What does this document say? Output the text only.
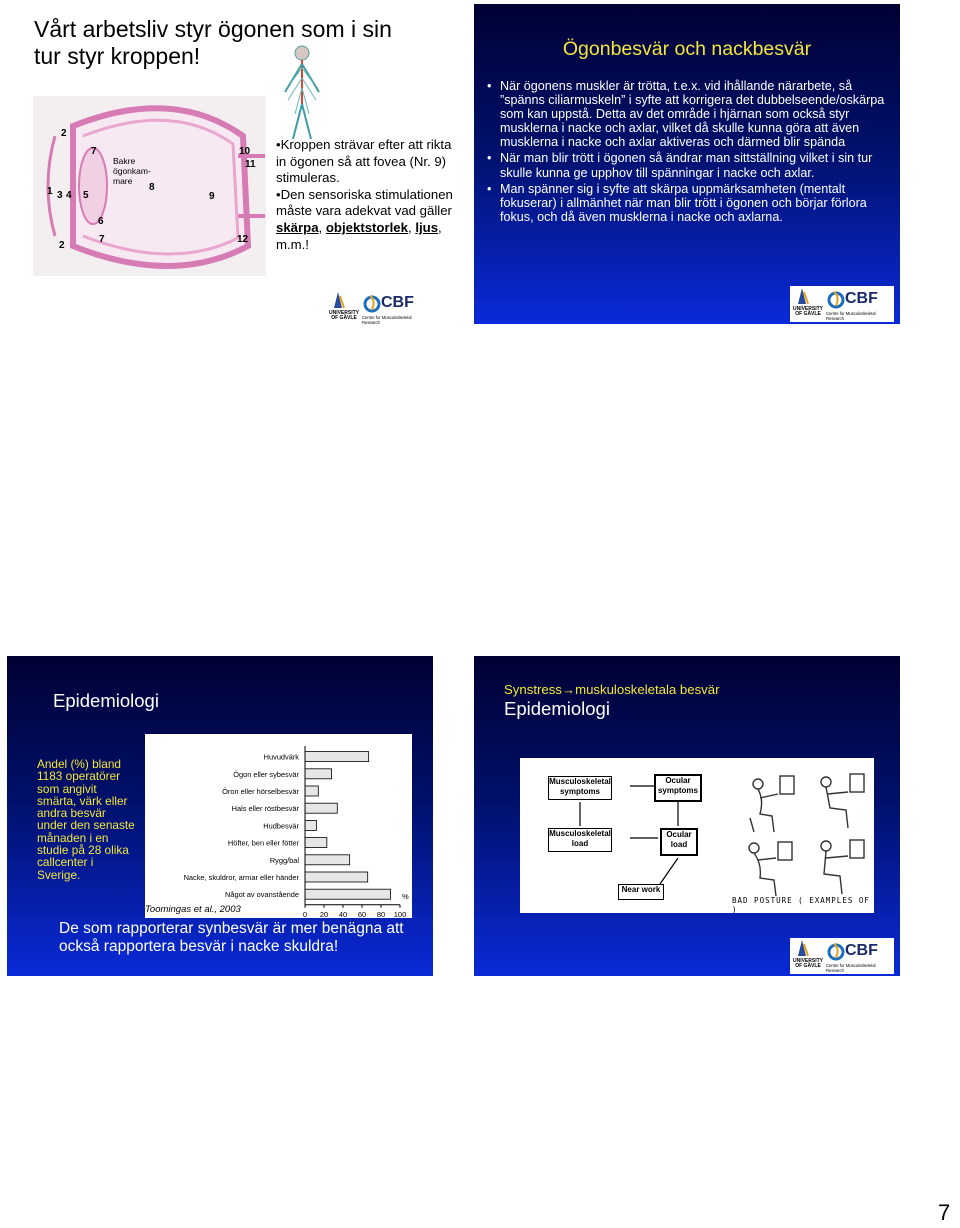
Vårt arbetsliv styr ögonen som i sin tur styr kroppen!
2
7
1 3 4 5
6
7
2
8
9
10
11
12
Bakre ögonkam-mare
•Kroppen strävar efter att rikta in ögonen så att fovea (Nr. 9) stimuleras.
•Den sensoriska stimulationen måste vara adekvat vad gäller skärpa, objektstorlek, ljus, m.m.!
UNIVERSITY OF GÄVLE
CBF
Centre for Musculoskeletal Research
Ögonbesvär och nackbesvär
• När ögonens muskler är trötta, t.e.x. vid ihållande närarbete, så ”spänns ciliarmuskeln” i syfte att korrigera det dubbelseende/oskärpa som kan uppstå. Detta av det område i hjärnan som också styr musklerna i nacke och axlar, vilket då skulle kunna göra att även musklerna i nacke och axlar aktiveras och därmed blir spända
• När man blir trött i ögonen så ändrar man sittställning vilket i sin tur skulle kunna ge upphov till spänningar i nacke och axlar.
• Man spänner sig i syfte att skärpa uppmärksamheten (mentalt fokuserar) i allmänhet när man blir trött i ögonen och börjar förlora fokus, och då även musklerna i nacke och axlarna.
UNIVERSITY OF GÄVLE
CBF
Centre for Musculoskeletal Research
Epidemiologi
Andel (%) bland 1183 operatörer som angivit smärta, värk eller andra besvär under den senaste månaden i en studie på 28 olika callcenter i Sverige.
Huvudvärk
Ögon eller sybesvär
Öron eller hörselbesvär
Hals eller röstbesvär
Hudbesvär
Höfter, ben eller fötter
Rygg/bal
Nacke, skuldror, armar eller händer
Något av ovanstående
0 20 40 60 80 100
%
Toomingas et al., 2003
De som rapporterar synbesvär är mer benägna att också rapportera besvär i nacke skuldra!
Synstress→muskuloskeletala besvär
Epidemiologi
Musculoskeletal symptoms
Ocular symptoms
Musculoskeletal load
Ocular load
Near work
BAD POSTURE ( EXAMPLES OF )
UNIVERSITY OF GÄVLE
CBF
Centre for Musculoskeletal Research
7
